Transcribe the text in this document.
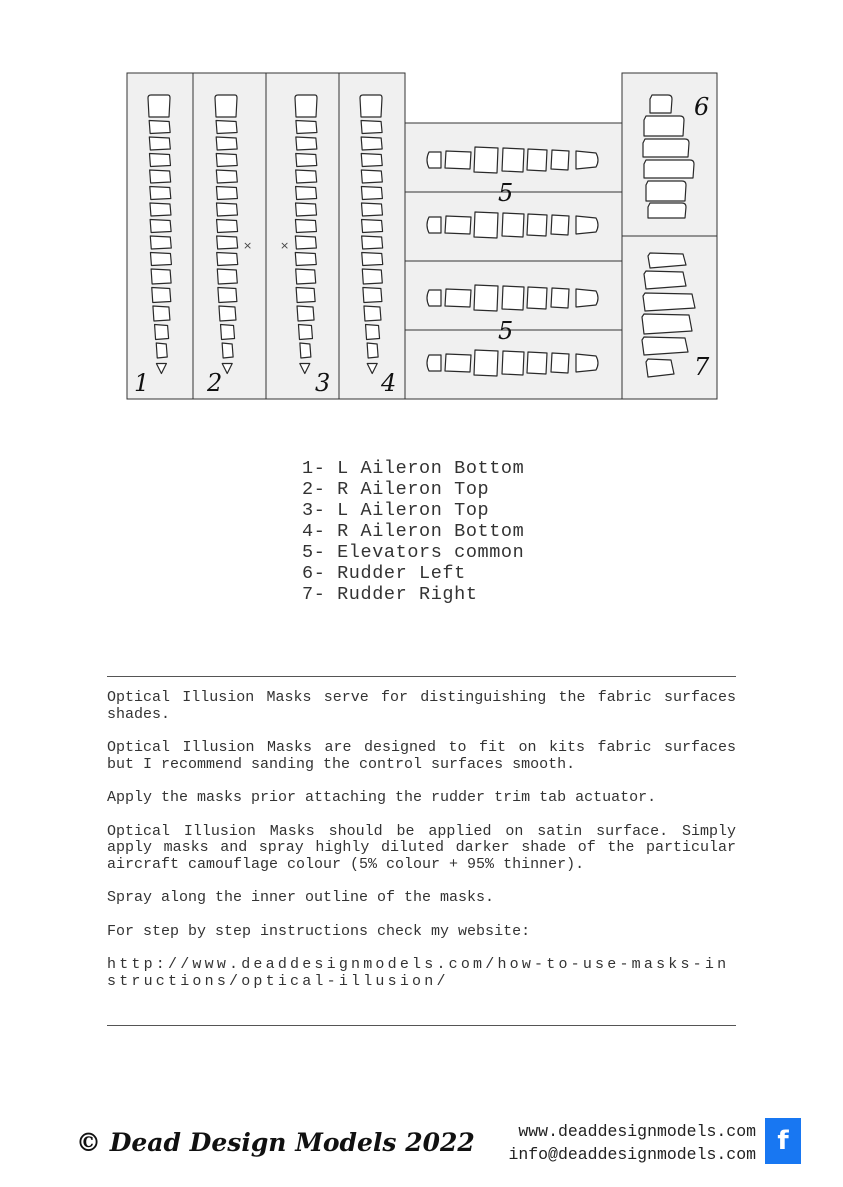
×	×
1 2	3 4
5
5
6
7
1- L Aileron Bottom
2- R Aileron Top
3- L Aileron Top
4- R Aileron Bottom
5- Elevators common
6- Rudder Left
7- Rudder Right

Optical Illusion Masks serve for distinguishing the fabric surfaces shades.

Optical Illusion Masks are designed to fit on kits fabric surfaces but I recommend sanding the control surfaces smooth.

Apply the masks prior attaching the rudder trim tab actuator.

Optical Illusion Masks should be applied on satin surface. Simply apply masks and spray highly diluted darker shade of the particular aircraft camouflage colour (5% colour + 95% thinner).

Spray along the inner outline of the masks.

For step by step instructions check my website:

http://www.deaddesignmodels.com/how-to-use-masks-instructions/optical-illusion/

© Dead Design Models 2022	www.deaddesignmodels.com
info@deaddesignmodels.com f
